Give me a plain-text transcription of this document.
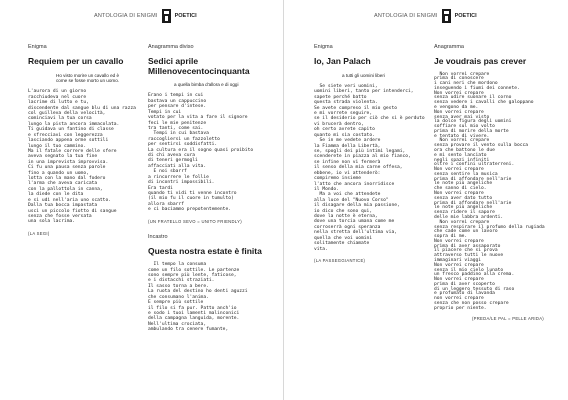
ANTOLOGIA DI ENIGMI	POETICI
Enigma
Requiem per un cavallo
Ho visto morire un cavallo ed è
come se fosse morto un uomo.
L'aurora di un giorno
racchiudeva nel cuore
lacrime di lutto e tu,
discendente dal sangue blu di una razza
col guilleva della velocità,
cominciavi la tua corsa
lungo la pista ancora immacolata.
Ti guidava un fantino di classe
e sfrecciavi con leggerezza
lasciando appena orme sottili
lungo il tuo cammino.
Ma il fatale correre delle sfere
aveva segnato la tua fine
in una imprevista improvvisa.
Ci fu una pausa senza parole
fino a quando un uomo,
lotta con la mano dal fodero
l'arma che aveva caricata
con la pallottola in canna,
la diede con le dita
e si udì nell'aria uno scatto.
Dalla tua bocca impastata
usci un piccolo fiotto di sangue
senza che fosse versata
una sola lacrima.
(LA SEGI)
Anagramma diviso
Sedici aprile
Millenovecentocinquanta
a quella bimba d'allora e di oggi
Erano i tempi in cui
bastava un cappuccino
per pensare d'intese.
Tempi in cui
votato per la vita a fare il signore
feci le mie penitenze
tra tanti, come sai.
Tempi in cui bastava
raccogliersi un fazzoletto
per sentirsi soddisfatti.
La cultura era il sogno quasi proibito
di chi aveva cura
di teneri germogli
affacciati alla vita.
E noi sbarrf
a rincorrere le follie
di incontri impossibili.
Era tardi
quando ti vidi ti venne incontro
(il mio fu il cuore in tumulto)
allora sbarrf
e ci baciammo prepotentemente.
(UN FRATELLO SEVO = UNITO FRIENDLY)
Incastro
Questa nostra estate è finita
Il tempo la consuma
come un filo sottile. Le partenze
sono sempre più lente, faticose,
e i distacchi straziati.
Il sasso torna a bere.
La ruota del destino ho denti aguzzi
che consumano l'anima.
E sempre più sottile
il filo si fa pur. Patto anch'io
e sodo i tuoi lamenti malinconici
della campagna languida, morente.
Nell'ultima crociata,
ambulando tra cenere fumante,
ANTOLOGIA DI ENIGMI	POETICI
Enigma
Io, Jan Palach
a tutti gli uomini liberi
Se siete veri uomini,
uomini liberi, tanto per intenderci,
sapete perché batto
questa strada violenta.
Se avete compreso il mio gesto
e mi vorrete seguire,
se il desiderio per ciò che si è perduto
vi brucerà dentro,
oh certo avrete capito
quanto mi sia costato.
Se in me vedete ardere
la Fiamma della Libertà,
se, spogli dei più intimi legami,
scenderete in piazza al mio fianco,
se infine non vi fermerà
il senso della mia carne offesa,
ebbene, io vi attenderò:
compiremo insieme
l'atto che ancora inorridisce
il Mondo.
Ma a voi che attendete
alla luce del "Nuovo Corso"
il disagare della mia passione,
io dico che sono qui,
dove la notte è eterna,
dove una torcia umana come me
corroserrà ogni speranza
nella stretta dell'ultima via,
quella che voi uomini
solitamente chiamate
vita.
(LA PASSEGGIANTICE)
Anagramma
Je voudrais pas crever
Non vorrei crepare
prima di conoscere
i cani neri che mordono
inseguendo i fiumi dei connete.
Non vorrei crepare
senza udire suonare il corno
senza vedere i cavalli che galoppano
e vengono da me.
Non vorrei crepare
senza aver mai visto
la dolce figura degli uomini
soffiare sul mio volto
prima di morire della morte
e tentato di vivere.
Non vorrei crepare
senza provare il vento sulla bocca
ora che battono le due
e mi sento lanciato
negli spazi infiniti
oltre i confini ultraterreni.
Non vorrei crepare
senza sentire la musica
prima di affondare nell'arie
le note più angeliche
che sanno di cielo.
Non vorrei crepare
senza aver dato tutto
prima di affondare nell'arie
le note più angeliche
senza ridere il sapore
delle mie labbra ardenti.
Non vorrei crepare
senza respirare il profumo della rugiada
che cade come un lavoro
sopra di me.
Non vorrei crepare
prima di aver assaporato
il piacere che si prova
attraverso tutti le nuove
immaginari viaggi
Non vorrei crepare
senza il mio cielo lunato
un fresco paddino alla crema.
Non vorrei crepare
prima di aver scoperto
di un leggero tessuto di raso
e profumato di lavanda
non vorrei crepare
senza che non posso crepare
proprio per niente.
(PREDA/LE PAL = PELLE ARIDA)
